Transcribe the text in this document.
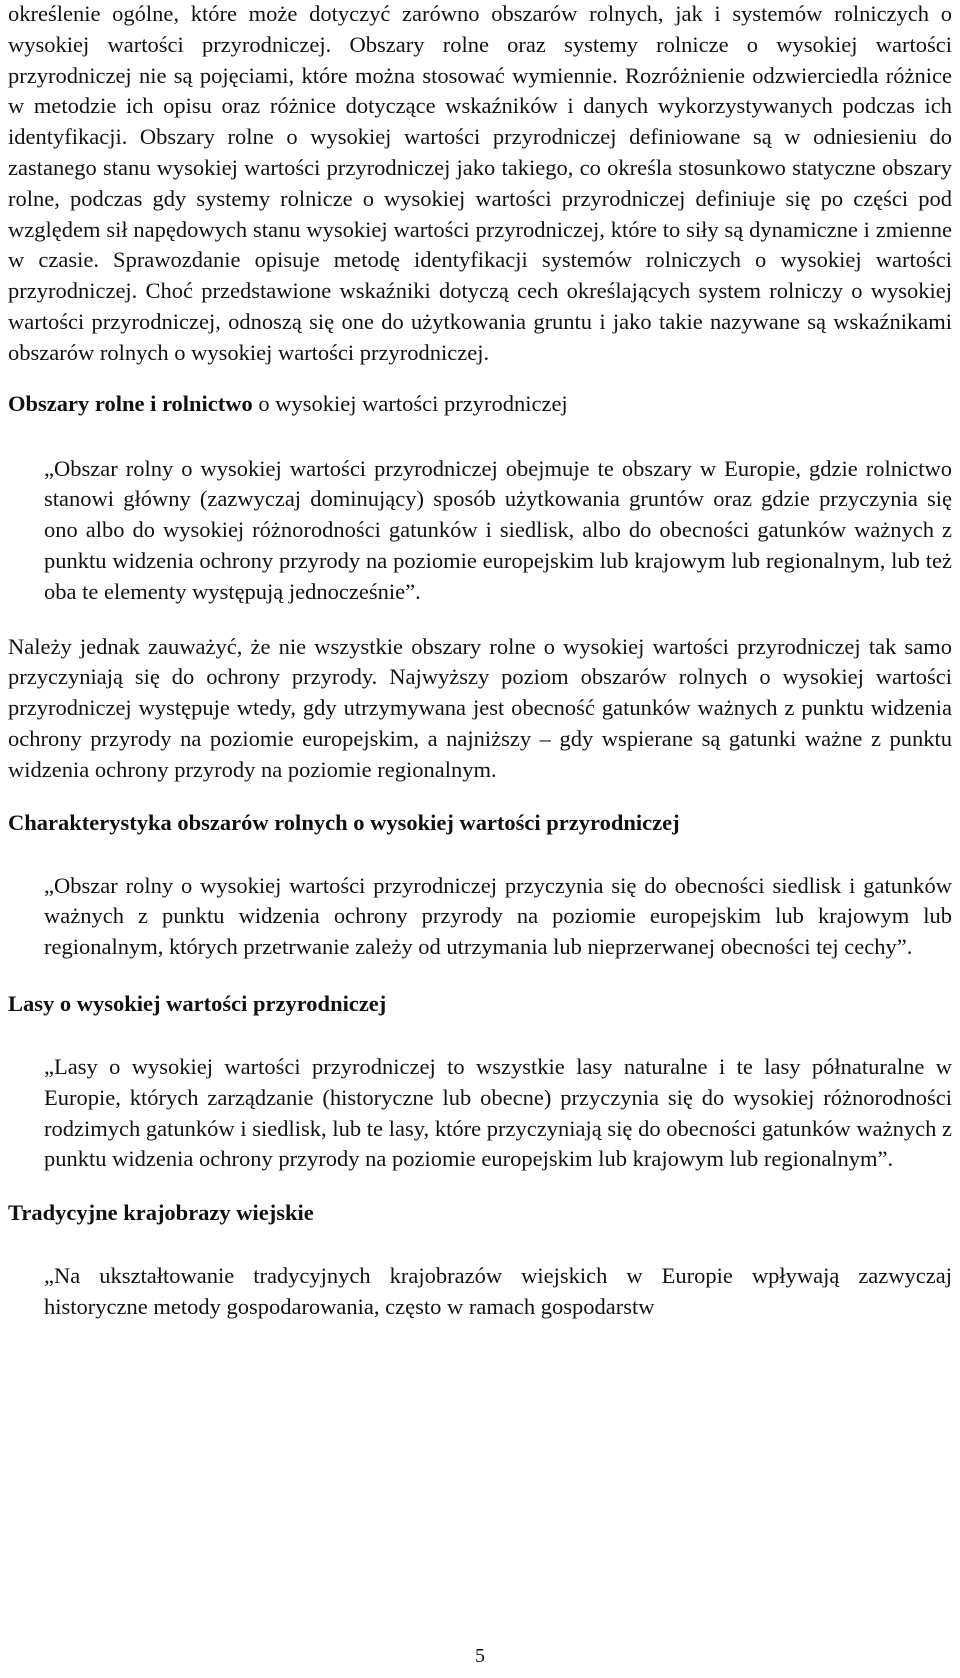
określenie ogólne, które może dotyczyć zarówno obszarów rolnych, jak i systemów rolniczych o wysokiej wartości przyrodniczej. Obszary rolne oraz systemy rolnicze o wysokiej wartości przyrodniczej nie są pojęciami, które można stosować wymiennie. Rozróżnienie odzwierciedla różnice w metodzie ich opisu oraz różnice dotyczące wskaźników i danych wykorzystywanych podczas ich identyfikacji. Obszary rolne o wysokiej wartości przyrodniczej definiowane są w odniesieniu do zastanego stanu wysokiej wartości przyrodniczej jako takiego, co określa stosunkowo statyczne obszary rolne, podczas gdy systemy rolnicze o wysokiej wartości przyrodniczej definiuje się po części pod względem sił napędowych stanu wysokiej wartości przyrodniczej, które to siły są dynamiczne i zmienne w czasie. Sprawozdanie opisuje metodę identyfikacji systemów rolniczych o wysokiej wartości przyrodniczej. Choć przedstawione wskaźniki dotyczą cech określających system rolniczy o wysokiej wartości przyrodniczej, odnoszą się one do użytkowania gruntu i jako takie nazywane są wskaźnikami obszarów rolnych o wysokiej wartości przyrodniczej.

Obszary rolne i rolnictwo o wysokiej wartości przyrodniczej

„Obszar rolny o wysokiej wartości przyrodniczej obejmuje te obszary w Europie, gdzie rolnictwo stanowi główny (zazwyczaj dominujący) sposób użytkowania gruntów oraz gdzie przyczynia się ono albo do wysokiej różnorodności gatunków i siedlisk, albo do obecności gatunków ważnych z punktu widzenia ochrony przyrody na poziomie europejskim lub krajowym lub regionalnym, lub też oba te elementy występują jednocześnie”.

Należy jednak zauważyć, że nie wszystkie obszary rolne o wysokiej wartości przyrodniczej tak samo przyczyniają się do ochrony przyrody. Najwyższy poziom obszarów rolnych o wysokiej wartości przyrodniczej występuje wtedy, gdy utrzymywana jest obecność gatunków ważnych z punktu widzenia ochrony przyrody na poziomie europejskim, a najniższy – gdy wspierane są gatunki ważne z punktu widzenia ochrony przyrody na poziomie regionalnym.

Charakterystyka obszarów rolnych o wysokiej wartości przyrodniczej

„Obszar rolny o wysokiej wartości przyrodniczej przyczynia się do obecności siedlisk i gatunków ważnych z punktu widzenia ochrony przyrody na poziomie europejskim lub krajowym lub regionalnym, których przetrwanie zależy od utrzymania lub nieprzerwanej obecności tej cechy”.

Lasy o wysokiej wartości przyrodniczej

„Lasy o wysokiej wartości przyrodniczej to wszystkie lasy naturalne i te lasy półnaturalne w Europie, których zarządzanie (historyczne lub obecne) przyczynia się do wysokiej różnorodności rodzimych gatunków i siedlisk, lub te lasy, które przyczyniają się do obecności gatunków ważnych z punktu widzenia ochrony przyrody na poziomie europejskim lub krajowym lub regionalnym”.

Tradycyjne krajobrazy wiejskie

„Na ukształtowanie tradycyjnych krajobrazów wiejskich w Europie wpływają zazwyczaj historyczne metody gospodarowania, często w ramach gospodarstw

5
